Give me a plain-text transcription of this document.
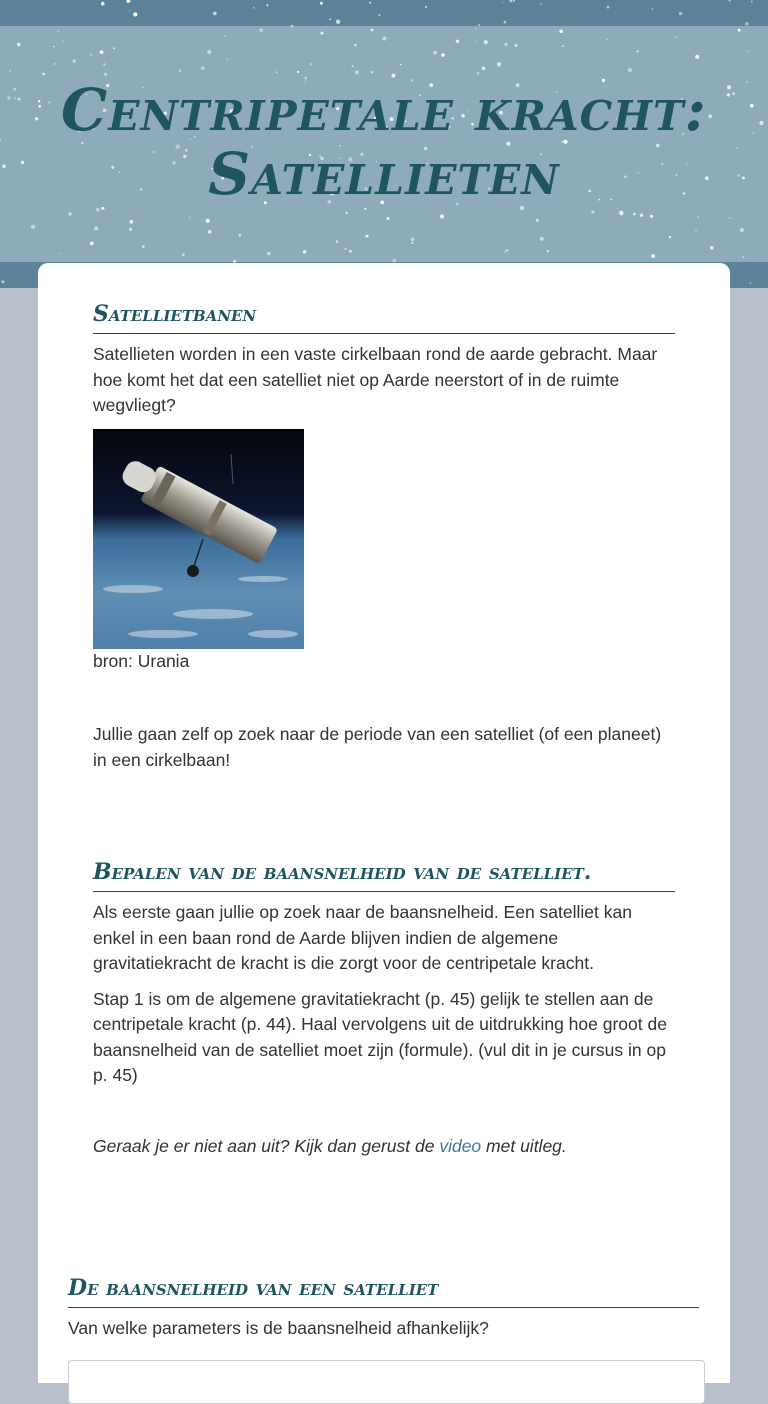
Centripetale kracht:
Satellieten
Satellietbanen

Satellieten worden in een vaste cirkelbaan rond de aarde gebracht. Maar hoe komt het dat een satelliet niet op Aarde neerstort of in de ruimte wegvliegt?

bron: Urania

Jullie gaan zelf op zoek naar de periode van een satelliet (of een planeet) in een cirkelbaan!

Bepalen van de baansnelheid van de satelliet.

Als eerste gaan jullie op zoek naar de baansnelheid. Een satelliet kan enkel in een baan rond de Aarde blijven indien de algemene gravitatiekracht de kracht is die zorgt voor de centripetale kracht.

Stap 1 is om de algemene gravitatiekracht (p. 45) gelijk te stellen aan de centripetale kracht (p. 44). Haal vervolgens uit de uitdrukking hoe groot de baansnelheid van de satelliet moet zijn (formule). (vul dit in je cursus in op p. 45)

Geraak je er niet aan uit? Kijk dan gerust de video met uitleg.

De baansnelheid van een satelliet

Van welke parameters is de baansnelheid afhankelijk?
